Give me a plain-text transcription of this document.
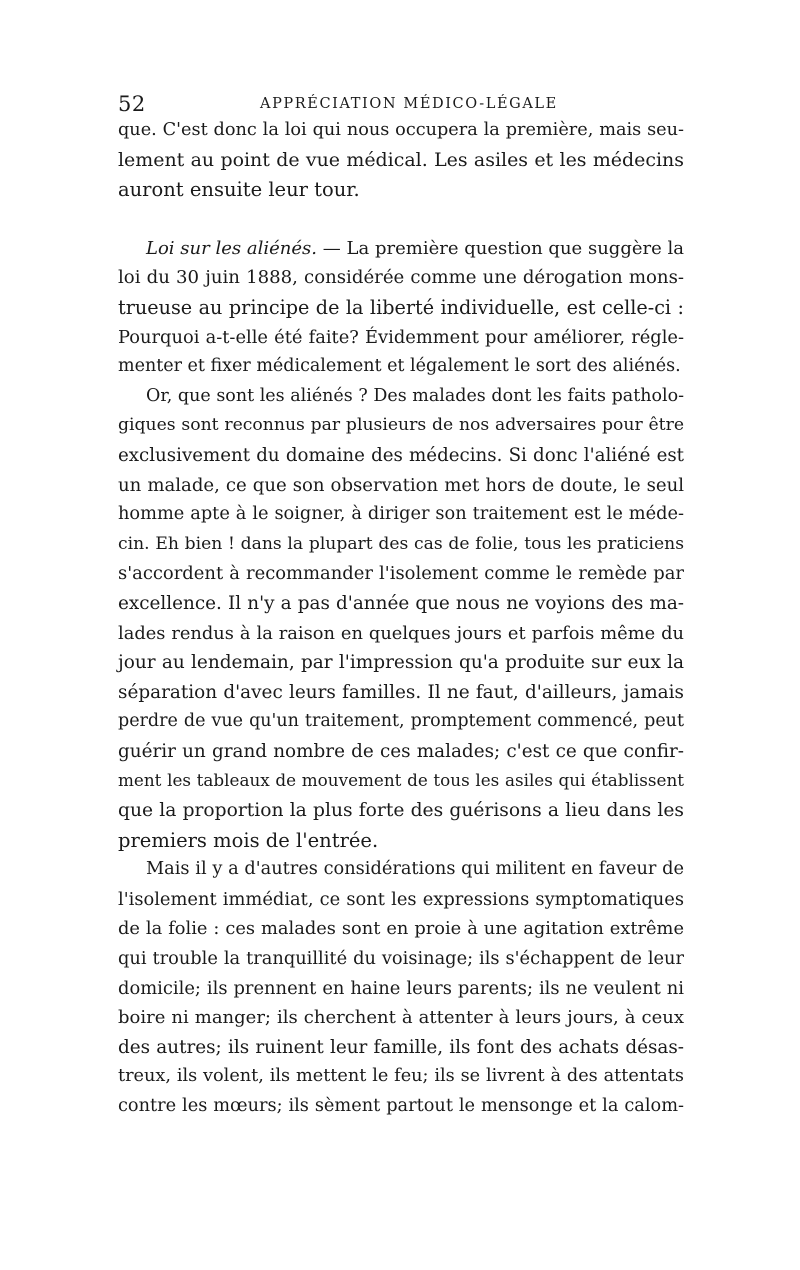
52	APPRÉCIATION MÉDICO-LÉGALE
que. C'est donc la loi qui nous occupera la première, mais seu-
lement au point de vue médical. Les asiles et les médecins
auront ensuite leur tour.
Loi sur les aliénés. — La première question que suggère la
loi du 30 juin 1888, considérée comme une dérogation mons-
trueuse au principe de la liberté individuelle, est celle-ci :
Pourquoi a-t-elle été faite? Évidemment pour améliorer, régle-
menter et fixer médicalement et légalement le sort des aliénés.
Or, que sont les aliénés ? Des malades dont les faits patholo-
giques sont reconnus par plusieurs de nos adversaires pour être
exclusivement du domaine des médecins. Si donc l'aliéné est
un malade, ce que son observation met hors de doute, le seul
homme apte à le soigner, à diriger son traitement est le méde-
cin. Eh bien ! dans la plupart des cas de folie, tous les praticiens
s'accordent à recommander l'isolement comme le remède par
excellence. Il n'y a pas d'année que nous ne voyions des ma-
lades rendus à la raison en quelques jours et parfois même du
jour au lendemain, par l'impression qu'a produite sur eux la
séparation d'avec leurs familles. Il ne faut, d'ailleurs, jamais
perdre de vue qu'un traitement, promptement commencé, peut
guérir un grand nombre de ces malades; c'est ce que confir-
ment les tableaux de mouvement de tous les asiles qui établissent
que la proportion la plus forte des guérisons a lieu dans les
premiers mois de l'entrée.
Mais il y a d'autres considérations qui militent en faveur de
l'isolement immédiat, ce sont les expressions symptomatiques
de la folie : ces malades sont en proie à une agitation extrême
qui trouble la tranquillité du voisinage; ils s'échappent de leur
domicile; ils prennent en haine leurs parents; ils ne veulent ni
boire ni manger; ils cherchent à attenter à leurs jours, à ceux
des autres; ils ruinent leur famille, ils font des achats désas-
treux, ils volent, ils mettent le feu; ils se livrent à des attentats
contre les mœurs; ils sèment partout le mensonge et la calom-
